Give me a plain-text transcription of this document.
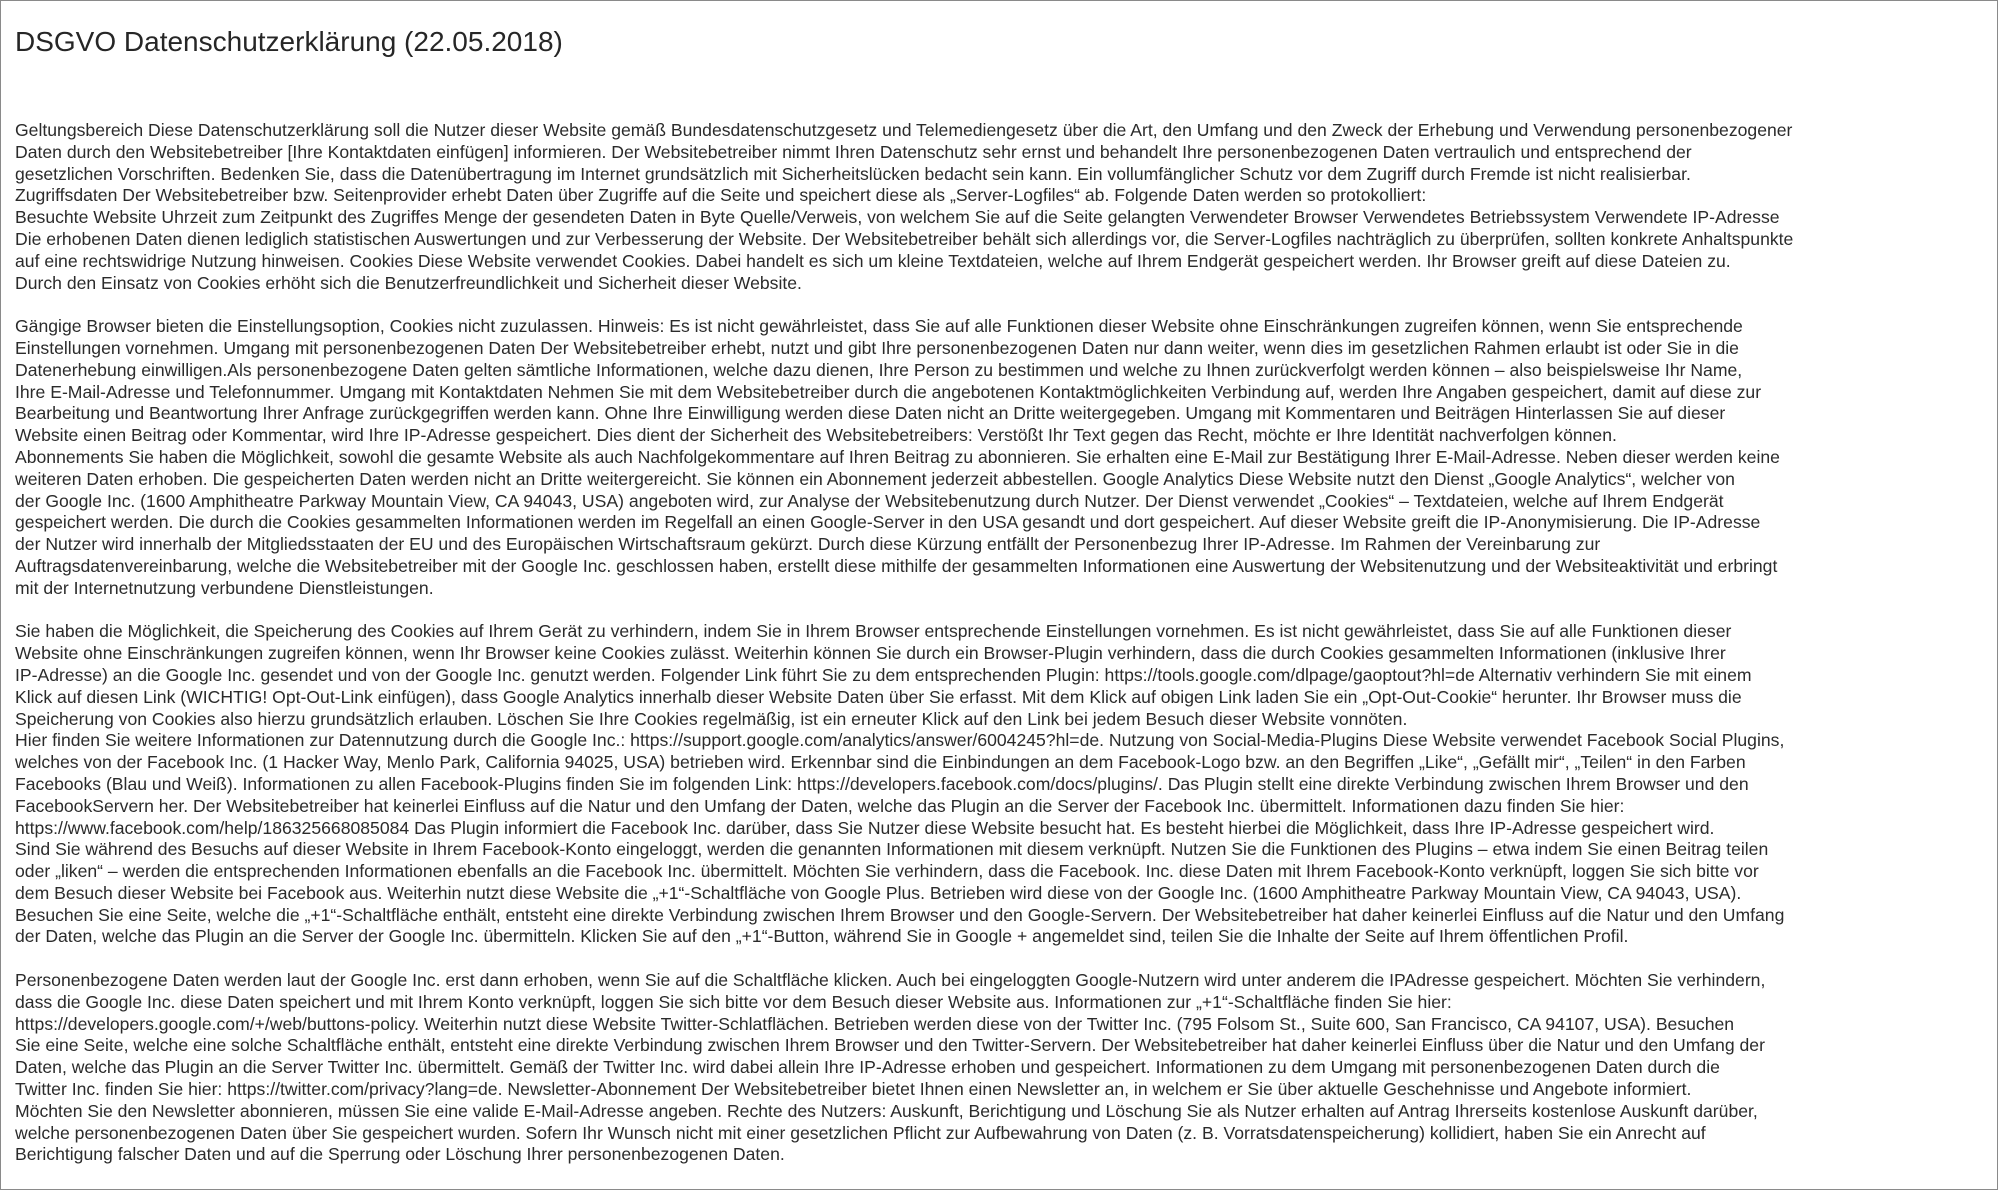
DSGVO Datenschutzerklärung (22.05.2018)

Geltungsbereich Diese Datenschutzerklärung soll die Nutzer dieser Website gemäß Bundesdatenschutzgesetz und Telemediengesetz über die Art, den Umfang und den Zweck der Erhebung und Verwendung personenbezogener
Daten durch den Websitebetreiber [Ihre Kontaktdaten einfügen] informieren. Der Websitebetreiber nimmt Ihren Datenschutz sehr ernst und behandelt Ihre personenbezogenen Daten vertraulich und entsprechend der
gesetzlichen Vorschriften. Bedenken Sie, dass die Datenübertragung im Internet grundsätzlich mit Sicherheitslücken bedacht sein kann. Ein vollumfänglicher Schutz vor dem Zugriff durch Fremde ist nicht realisierbar.
Zugriffsdaten Der Websitebetreiber bzw. Seitenprovider erhebt Daten über Zugriffe auf die Seite und speichert diese als „Server-Logfiles“ ab. Folgende Daten werden so protokolliert:
Besuchte Website Uhrzeit zum Zeitpunkt des Zugriffes Menge der gesendeten Daten in Byte Quelle/Verweis, von welchem Sie auf die Seite gelangten Verwendeter Browser Verwendetes Betriebssystem Verwendete IP-Adresse
Die erhobenen Daten dienen lediglich statistischen Auswertungen und zur Verbesserung der Website. Der Websitebetreiber behält sich allerdings vor, die Server-Logfiles nachträglich zu überprüfen, sollten konkrete Anhaltspunkte
auf eine rechtswidrige Nutzung hinweisen. Cookies Diese Website verwendet Cookies. Dabei handelt es sich um kleine Textdateien, welche auf Ihrem Endgerät gespeichert werden. Ihr Browser greift auf diese Dateien zu.
Durch den Einsatz von Cookies erhöht sich die Benutzerfreundlichkeit und Sicherheit dieser Website.

Gängige Browser bieten die Einstellungsoption, Cookies nicht zuzulassen. Hinweis: Es ist nicht gewährleistet, dass Sie auf alle Funktionen dieser Website ohne Einschränkungen zugreifen können, wenn Sie entsprechende
Einstellungen vornehmen. Umgang mit personenbezogenen Daten Der Websitebetreiber erhebt, nutzt und gibt Ihre personenbezogenen Daten nur dann weiter, wenn dies im gesetzlichen Rahmen erlaubt ist oder Sie in die
Datenerhebung einwilligen.Als personenbezogene Daten gelten sämtliche Informationen, welche dazu dienen, Ihre Person zu bestimmen und welche zu Ihnen zurückverfolgt werden können – also beispielsweise Ihr Name,
Ihre E-Mail-Adresse und Telefonnummer. Umgang mit Kontaktdaten Nehmen Sie mit dem Websitebetreiber durch die angebotenen Kontaktmöglichkeiten Verbindung auf, werden Ihre Angaben gespeichert, damit auf diese zur
Bearbeitung und Beantwortung Ihrer Anfrage zurückgegriffen werden kann. Ohne Ihre Einwilligung werden diese Daten nicht an Dritte weitergegeben. Umgang mit Kommentaren und Beiträgen Hinterlassen Sie auf dieser
Website einen Beitrag oder Kommentar, wird Ihre IP-Adresse gespeichert. Dies dient der Sicherheit des Websitebetreibers: Verstößt Ihr Text gegen das Recht, möchte er Ihre Identität nachverfolgen können.
Abonnements Sie haben die Möglichkeit, sowohl die gesamte Website als auch Nachfolgekommentare auf Ihren Beitrag zu abonnieren. Sie erhalten eine E-Mail zur Bestätigung Ihrer E-Mail-Adresse. Neben dieser werden keine
weiteren Daten erhoben. Die gespeicherten Daten werden nicht an Dritte weitergereicht. Sie können ein Abonnement jederzeit abbestellen. Google Analytics Diese Website nutzt den Dienst „Google Analytics“, welcher von
der Google Inc. (1600 Amphitheatre Parkway Mountain View, CA 94043, USA) angeboten wird, zur Analyse der Websitebenutzung durch Nutzer. Der Dienst verwendet „Cookies“ – Textdateien, welche auf Ihrem Endgerät
gespeichert werden. Die durch die Cookies gesammelten Informationen werden im Regelfall an einen Google-Server in den USA gesandt und dort gespeichert. Auf dieser Website greift die IP-Anonymisierung. Die IP-Adresse
der Nutzer wird innerhalb der Mitgliedsstaaten der EU und des Europäischen Wirtschaftsraum gekürzt. Durch diese Kürzung entfällt der Personenbezug Ihrer IP-Adresse. Im Rahmen der Vereinbarung zur
Auftragsdatenvereinbarung, welche die Websitebetreiber mit der Google Inc. geschlossen haben, erstellt diese mithilfe der gesammelten Informationen eine Auswertung der Websitenutzung und der Websiteaktivität und erbringt
mit der Internetnutzung verbundene Dienstleistungen.

Sie haben die Möglichkeit, die Speicherung des Cookies auf Ihrem Gerät zu verhindern, indem Sie in Ihrem Browser entsprechende Einstellungen vornehmen. Es ist nicht gewährleistet, dass Sie auf alle Funktionen dieser
Website ohne Einschränkungen zugreifen können, wenn Ihr Browser keine Cookies zulässt. Weiterhin können Sie durch ein Browser-Plugin verhindern, dass die durch Cookies gesammelten Informationen (inklusive Ihrer
IP-Adresse) an die Google Inc. gesendet und von der Google Inc. genutzt werden. Folgender Link führt Sie zu dem entsprechenden Plugin: https://tools.google.com/dlpage/gaoptout?hl=de Alternativ verhindern Sie mit einem
Klick auf diesen Link (WICHTIG! Opt-Out-Link einfügen), dass Google Analytics innerhalb dieser Website Daten über Sie erfasst. Mit dem Klick auf obigen Link laden Sie ein „Opt-Out-Cookie“ herunter. Ihr Browser muss die
Speicherung von Cookies also hierzu grundsätzlich erlauben. Löschen Sie Ihre Cookies regelmäßig, ist ein erneuter Klick auf den Link bei jedem Besuch dieser Website vonnöten.
Hier finden Sie weitere Informationen zur Datennutzung durch die Google Inc.: https://support.google.com/analytics/answer/6004245?hl=de. Nutzung von Social-Media-Plugins Diese Website verwendet Facebook Social Plugins,
welches von der Facebook Inc. (1 Hacker Way, Menlo Park, California 94025, USA) betrieben wird. Erkennbar sind die Einbindungen an dem Facebook-Logo bzw. an den Begriffen „Like“, „Gefällt mir“, „Teilen“ in den Farben
Facebooks (Blau und Weiß). Informationen zu allen Facebook-Plugins finden Sie im folgenden Link: https://developers.facebook.com/docs/plugins/. Das Plugin stellt eine direkte Verbindung zwischen Ihrem Browser und den
FacebookServern her. Der Websitebetreiber hat keinerlei Einfluss auf die Natur und den Umfang der Daten, welche das Plugin an die Server der Facebook Inc. übermittelt. Informationen dazu finden Sie hier:
https://www.facebook.com/help/186325668085084 Das Plugin informiert die Facebook Inc. darüber, dass Sie Nutzer diese Website besucht hat. Es besteht hierbei die Möglichkeit, dass Ihre IP-Adresse gespeichert wird.
Sind Sie während des Besuchs auf dieser Website in Ihrem Facebook-Konto eingeloggt, werden die genannten Informationen mit diesem verknüpft. Nutzen Sie die Funktionen des Plugins – etwa indem Sie einen Beitrag teilen
oder „liken“ – werden die entsprechenden Informationen ebenfalls an die Facebook Inc. übermittelt. Möchten Sie verhindern, dass die Facebook. Inc. diese Daten mit Ihrem Facebook-Konto verknüpft, loggen Sie sich bitte vor
dem Besuch dieser Website bei Facebook aus. Weiterhin nutzt diese Website die „+1“-Schaltfläche von Google Plus. Betrieben wird diese von der Google Inc. (1600 Amphitheatre Parkway Mountain View, CA 94043, USA).
Besuchen Sie eine Seite, welche die „+1“-Schaltfläche enthält, entsteht eine direkte Verbindung zwischen Ihrem Browser und den Google-Servern. Der Websitebetreiber hat daher keinerlei Einfluss auf die Natur und den Umfang
der Daten, welche das Plugin an die Server der Google Inc. übermitteln. Klicken Sie auf den „+1“-Button, während Sie in Google + angemeldet sind, teilen Sie die Inhalte der Seite auf Ihrem öffentlichen Profil.

Personenbezogene Daten werden laut der Google Inc. erst dann erhoben, wenn Sie auf die Schaltfläche klicken. Auch bei eingeloggten Google-Nutzern wird unter anderem die IPAdresse gespeichert. Möchten Sie verhindern,
dass die Google Inc. diese Daten speichert und mit Ihrem Konto verknüpft, loggen Sie sich bitte vor dem Besuch dieser Website aus. Informationen zur „+1“-Schaltfläche finden Sie hier:
https://developers.google.com/+/web/buttons-policy. Weiterhin nutzt diese Website Twitter-Schlatflächen. Betrieben werden diese von der Twitter Inc. (795 Folsom St., Suite 600, San Francisco, CA 94107, USA). Besuchen
Sie eine Seite, welche eine solche Schaltfläche enthält, entsteht eine direkte Verbindung zwischen Ihrem Browser und den Twitter-Servern. Der Websitebetreiber hat daher keinerlei Einfluss über die Natur und den Umfang der
Daten, welche das Plugin an die Server Twitter Inc. übermittelt. Gemäß der Twitter Inc. wird dabei allein Ihre IP-Adresse erhoben und gespeichert. Informationen zu dem Umgang mit personenbezogenen Daten durch die
Twitter Inc. finden Sie hier: https://twitter.com/privacy?lang=de. Newsletter-Abonnement Der Websitebetreiber bietet Ihnen einen Newsletter an, in welchem er Sie über aktuelle Geschehnisse und Angebote informiert.
Möchten Sie den Newsletter abonnieren, müssen Sie eine valide E-Mail-Adresse angeben. Rechte des Nutzers: Auskunft, Berichtigung und Löschung Sie als Nutzer erhalten auf Antrag Ihrerseits kostenlose Auskunft darüber,
welche personenbezogenen Daten über Sie gespeichert wurden. Sofern Ihr Wunsch nicht mit einer gesetzlichen Pflicht zur Aufbewahrung von Daten (z. B. Vorratsdatenspeicherung) kollidiert, haben Sie ein Anrecht auf
Berichtigung falscher Daten und auf die Sperrung oder Löschung Ihrer personenbezogenen Daten.
